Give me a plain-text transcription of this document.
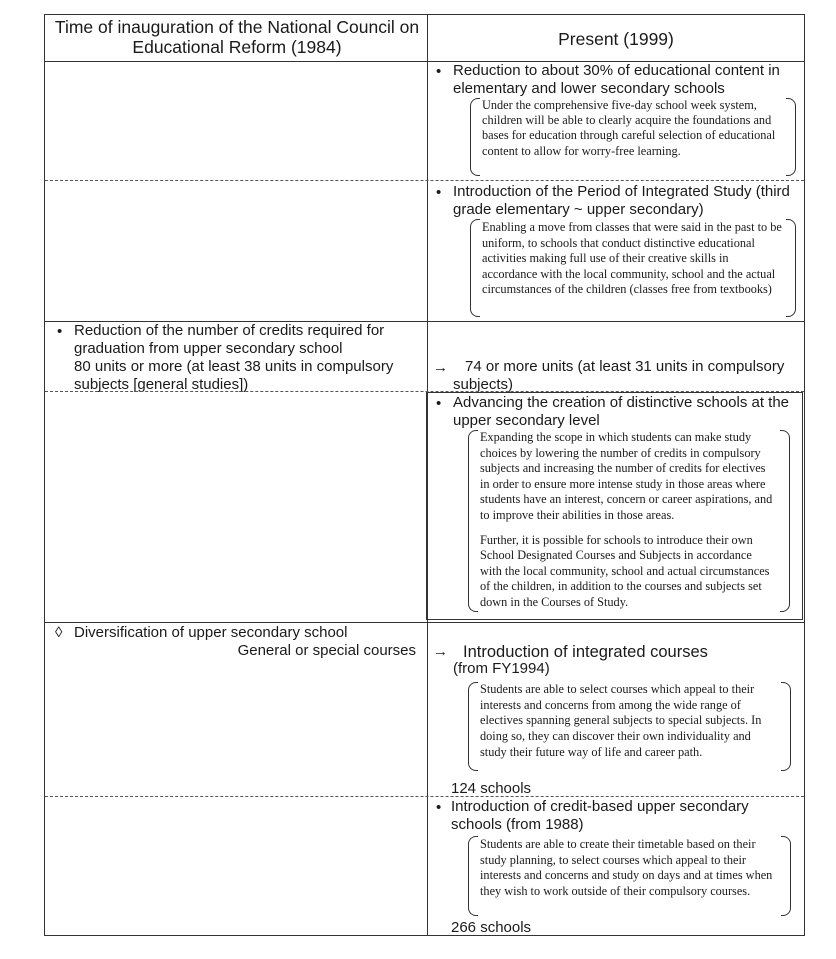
Time of inauguration of the National Council on Educational Reform (1984)	Present (1999)
• Reduction to about 30% of educational content in elementary and lower secondary schools
Under the comprehensive five-day school week system, children will be able to clearly acquire the foundations and bases for education through careful selection of educational content to allow for worry-free learning.
• Introduction of the Period of Integrated Study (third grade elementary ~ upper secondary)
Enabling a move from classes that were said in the past to be uniform, to schools that conduct distinctive educational activities making full use of their creative skills in accordance with the local community, school and the actual circumstances of the children (classes free from textbooks)
• Reduction of the number of credits required for graduation from upper secondary school
80 units or more (at least 38 units in compulsory subjects [general studies])
→	74 or more units (at least 31 units in compulsory subjects)
• Advancing the creation of distinctive schools at the upper secondary level
Expanding the scope in which students can make study choices by lowering the number of credits in compulsory subjects and increasing the number of credits for electives in order to ensure more intense study in those areas where students have an interest, concern or career aspirations, and to improve their abilities in those areas.
Further, it is possible for schools to introduce their own School Designated Courses and Subjects in accordance with the local community, school and actual circumstances of the children, in addition to the courses and subjects set down in the Courses of Study.
◊ Diversification of upper secondary school
General or special courses → Introduction of integrated courses
(from FY1994)
Students are able to select courses which appeal to their interests and concerns from among the wide range of electives spanning general subjects to special subjects. In doing so, they can discover their own individuality and study their future way of life and career path.
124 schools
• Introduction of credit-based upper secondary schools (from 1988)
Students are able to create their timetable based on their study planning, to select courses which appeal to their interests and concerns and study on days and at times when they wish to work outside of their compulsory courses.
266 schools
